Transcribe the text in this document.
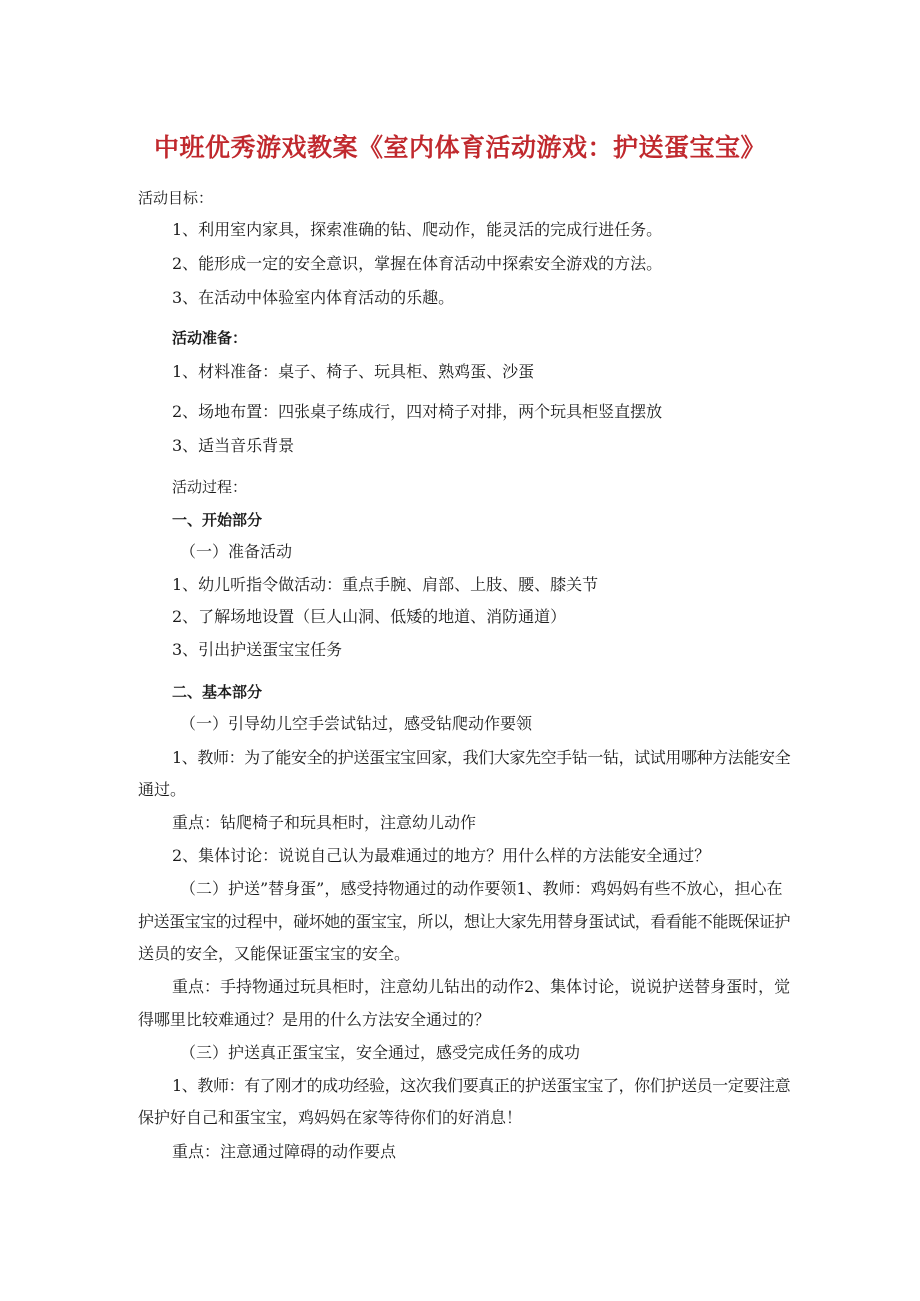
中班优秀游戏教案《室内体育活动游戏：护送蛋宝宝》
活动目标：
1、利用室内家具，探索准确的钻、爬动作，能灵活的完成行进任务。
2、能形成一定的安全意识，掌握在体育活动中探索安全游戏的方法。
3、在活动中体验室内体育活动的乐趣。
活动准备：
1、材料准备：桌子、椅子、玩具柜、熟鸡蛋、沙蛋
2、场地布置：四张桌子练成行，四对椅子对排，两个玩具柜竖直摆放
3、适当音乐背景
活动过程：
一、开始部分
（一）准备活动
1、幼儿听指令做活动：重点手腕、肩部、上肢、腰、膝关节
2、了解场地设置（巨人山洞、低矮的地道、消防通道）
3、引出护送蛋宝宝任务
二、基本部分
（一）引导幼儿空手尝试钻过，感受钻爬动作要领
1、教师：为了能安全的护送蛋宝宝回家，我们大家先空手钻一钻，试试用哪种方法能安全
通过。
重点：钻爬椅子和玩具柜时，注意幼儿动作
2、集体讨论：说说自己认为最难通过的地方？用什么样的方法能安全通过？
（二）护送”替身蛋”，感受持物通过的动作要领1、教师：鸡妈妈有些不放心，担心在
护送蛋宝宝的过程中，碰坏她的蛋宝宝，所以，想让大家先用替身蛋试试，看看能不能既保证护
送员的安全，又能保证蛋宝宝的安全。
重点：手持物通过玩具柜时，注意幼儿钻出的动作2、集体讨论，说说护送替身蛋时，觉
得哪里比较难通过？是用的什么方法安全通过的？
（三）护送真正蛋宝宝，安全通过，感受完成任务的成功
1、教师：有了刚才的成功经验，这次我们要真正的护送蛋宝宝了，你们护送员一定要注意
保护好自己和蛋宝宝，鸡妈妈在家等待你们的好消息！
重点：注意通过障碍的动作要点
